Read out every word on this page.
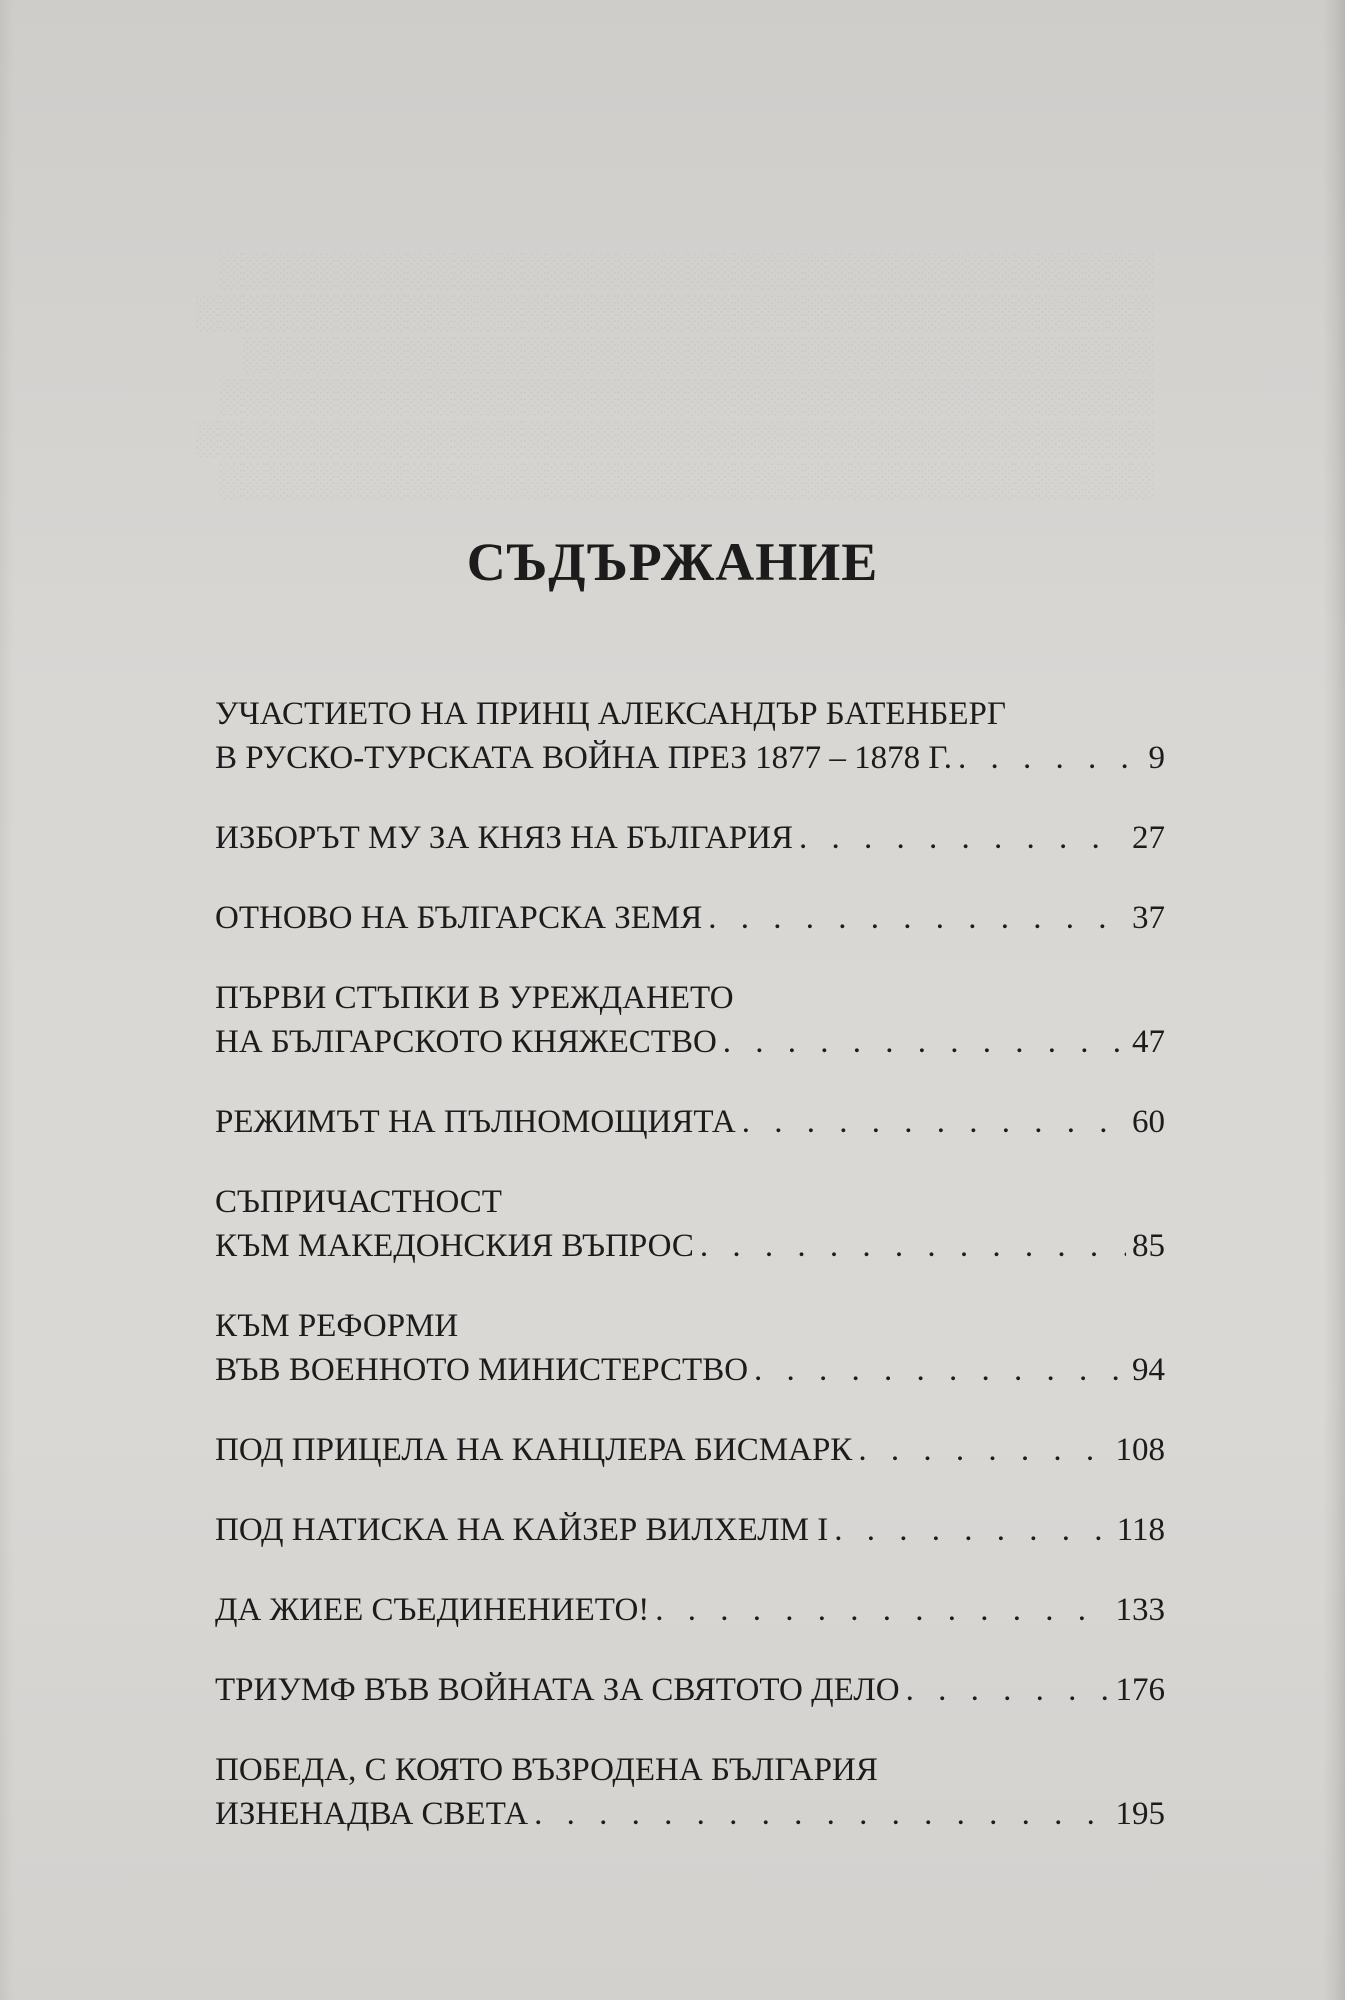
СЪДЪРЖАНИЕ
УЧАСТИЕТО НА ПРИНЦ АЛЕКСАНДЪР БАТЕНБЕРГ
В РУСКО-ТУРСКАТА ВОЙНА ПРЕЗ 1877 – 1878 Г. . . .	9
ИЗБОРЪТ МУ ЗА КНЯЗ НА БЪЛГАРИЯ . . .	27
ОТНОВО НА БЪЛГАРСКА ЗЕМЯ . . .	37
ПЪРВИ СТЪПКИ В УРЕЖДАНЕТО
НА БЪЛГАРСКОТО КНЯЖЕСТВО . . .	47
РЕЖИМЪТ НА ПЪЛНОМОЩИЯТА . . .	60
СЪПРИЧАСТНОСТ
КЪМ МАКЕДОНСКИЯ ВЪПРОС . . .	85
КЪМ РЕФОРМИ
ВЪВ ВОЕННОТО МИНИСТЕРСТВО . . .	94
ПОД ПРИЦЕЛА НА КАНЦЛЕРА БИСМАРК . . .	108
ПОД НАТИСКА НА КАЙЗЕР ВИЛХЕЛМ I . . .	118
ДА ЖИЕЕ СЪЕДИНЕНИЕТО! . . .	133
ТРИУМФ ВЪВ ВОЙНАТА ЗА СВЯТОТО ДЕЛО . . .	176
ПОБЕДА, С КОЯТО ВЪЗРОДЕНА БЪЛГАРИЯ
ИЗНЕНАДВА СВЕТА . . .	195
